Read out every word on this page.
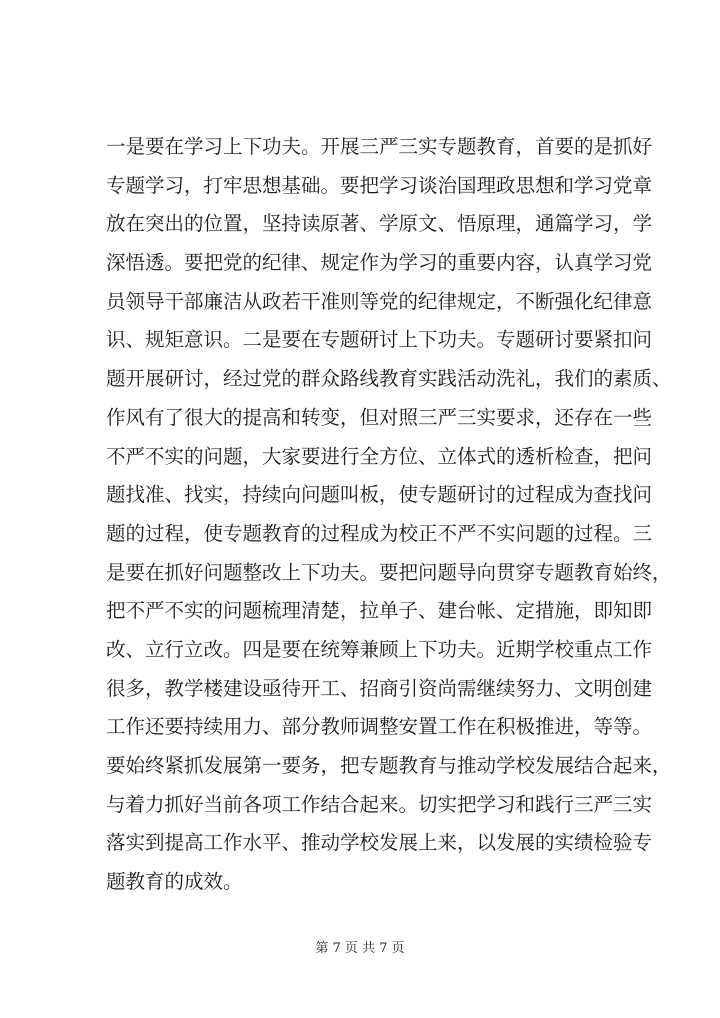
一是要在学习上下功夫。开展三严三实专题教育，首要的是抓好
专题学习，打牢思想基础。要把学习谈治国理政思想和学习党章
放在突出的位置，坚持读原著、学原文、悟原理，通篇学习，学
深悟透。要把党的纪律、规定作为学习的重要内容，认真学习党
员领导干部廉洁从政若干准则等党的纪律规定，不断强化纪律意
识、规矩意识。二是要在专题研讨上下功夫。专题研讨要紧扣问
题开展研讨，经过党的群众路线教育实践活动洗礼，我们的素质、
作风有了很大的提高和转变，但对照三严三实要求，还存在一些
不严不实的问题，大家要进行全方位、立体式的透析检查，把问
题找准、找实，持续向问题叫板，使专题研讨的过程成为查找问
题的过程，使专题教育的过程成为校正不严不实问题的过程。三
是要在抓好问题整改上下功夫。要把问题导向贯穿专题教育始终，
把不严不实的问题梳理清楚，拉单子、建台帐、定措施，即知即
改、立行立改。四是要在统筹兼顾上下功夫。近期学校重点工作
很多，教学楼建设亟待开工、招商引资尚需继续努力、文明创建
工作还要持续用力、部分教师调整安置工作在积极推进，等等。
要始终紧抓发展第一要务，把专题教育与推动学校发展结合起来，
与着力抓好当前各项工作结合起来。切实把学习和践行三严三实
落实到提高工作水平、推动学校发展上来，以发展的实绩检验专
题教育的成效。
第 7 页 共 7 页
